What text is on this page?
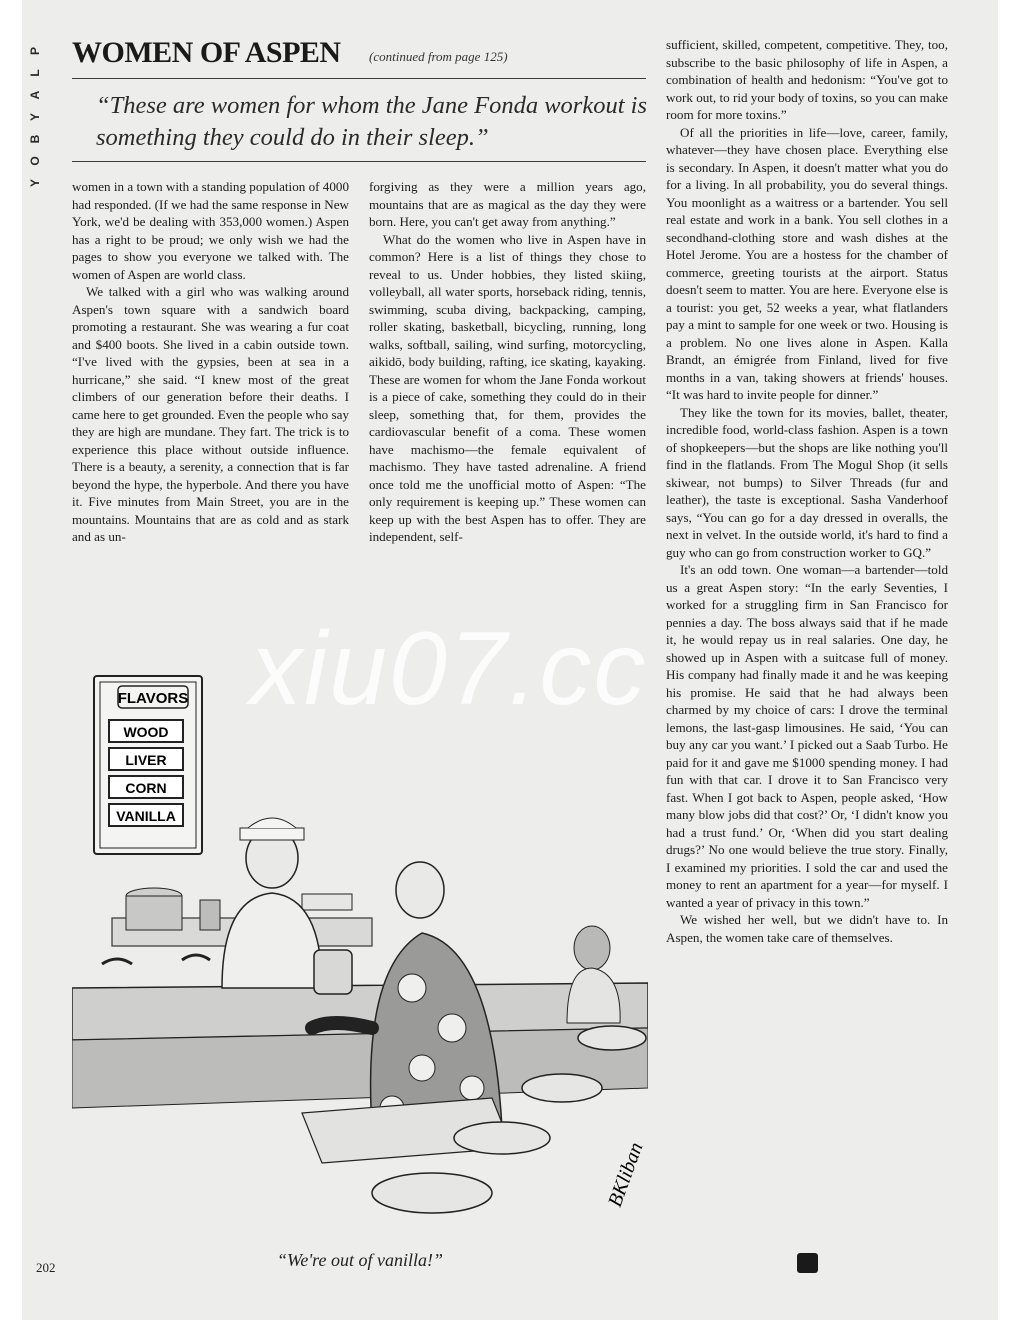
P
L
A
Y
B
O
Y
WOMEN OF ASPEN (continued from page 125)
“These are women for whom the Jane Fonda workout is something they could do in their sleep.”

women in a town with a standing population of 4000 had responded. (If we had the same response in New York, we'd be dealing with 353,000 women.) Aspen has a right to be proud; we only wish we had the pages to show you everyone we talked with. The women of Aspen are world class.

We talked with a girl who was walking around Aspen's town square with a sandwich board promoting a restaurant. She was wearing a fur coat and $400 boots. She lived in a cabin outside town. “I've lived with the gypsies, been at sea in a hurricane,” she said. “I knew most of the great climbers of our generation before their deaths. I came here to get grounded. Even the people who say they are high are mundane. They fart. The trick is to experience this place without outside influence. There is a beauty, a serenity, a connection that is far beyond the hype, the hyperbole. And there you have it. Five minutes from Main Street, you are in the mountains. Mountains that are as cold and as stark and as un-

forgiving as they were a million years ago, mountains that are as magical as the day they were born. Here, you can't get away from anything.”

What do the women who live in Aspen have in common? Here is a list of things they chose to reveal to us. Under hobbies, they listed skiing, volleyball, all water sports, horseback riding, tennis, swimming, scuba diving, backpacking, camping, roller skating, basketball, bicycling, running, long walks, softball, sailing, wind surfing, motorcycling, aikidō, body building, rafting, ice skating, kayaking. These are women for whom the Jane Fonda workout is a piece of cake, something they could do in their sleep, something that, for them, provides the cardiovascular benefit of a coma. These women have machismo—the female equivalent of machismo. They have tasted adrenaline. A friend once told me the unofficial motto of Aspen: “The only requirement is keeping up.” These women can keep up with the best Aspen has to offer. They are independent, self-

sufficient, skilled, competent, competitive. They, too, subscribe to the basic philosophy of life in Aspen, a combination of health and hedonism: “You've got to work out, to rid your body of toxins, so you can make room for more toxins.”

Of all the priorities in life—love, career, family, whatever—they have chosen place. Everything else is secondary. In Aspen, it doesn't matter what you do for a living. In all probability, you do several things. You moonlight as a waitress or a bartender. You sell real estate and work in a bank. You sell clothes in a secondhand-clothing store and wash dishes at the Hotel Jerome. You are a hostess for the chamber of commerce, greeting tourists at the airport. Status doesn't seem to matter. You are here. Everyone else is a tourist: you get, 52 weeks a year, what flatlanders pay a mint to sample for one week or two. Housing is a problem. No one lives alone in Aspen. Kalla Brandt, an émigrée from Finland, lived for five months in a van, taking showers at friends' houses. “It was hard to invite people for dinner.”

They like the town for its movies, ballet, theater, incredible food, world-class fashion. Aspen is a town of shopkeepers—but the shops are like nothing you'll find in the flatlands. From The Mogul Shop (it sells skiwear, not bumps) to Silver Threads (fur and leather), the taste is exceptional. Sasha Vanderhoof says, “You can go for a day dressed in overalls, the next in velvet. In the outside world, it's hard to find a guy who can go from construction worker to GQ.”

It's an odd town. One woman—a bartender—told us a great Aspen story: “In the early Seventies, I worked for a struggling firm in San Francisco for pennies a day. The boss always said that if he made it, he would repay us in real salaries. One day, he showed up in Aspen with a suitcase full of money. His company had finally made it and he was keeping his promise. He said that he had always been charmed by my choice of cars: I drove the terminal lemons, the last-gasp limousines. He said, ‘You can buy any car you want.’ I picked out a Saab Turbo. He paid for it and gave me $1000 spending money. I had fun with that car. I drove it to San Francisco very fast. When I got back to Aspen, people asked, ‘How many blow jobs did that cost?’ Or, ‘I didn't know you had a trust fund.’ Or, ‘When did you start dealing drugs?’ No one would believe the true story. Finally, I examined my priorities. I sold the car and used the money to rent an apartment for a year—for myself. I wanted a year of privacy in this town.”

We wished her well, but we didn't have to. In Aspen, the women take care of themselves.

FLAVORS
WOOD
LIVER
CORN
VANILLA
BKliban
“We're out of vanilla!”
202
xiu07.cc
